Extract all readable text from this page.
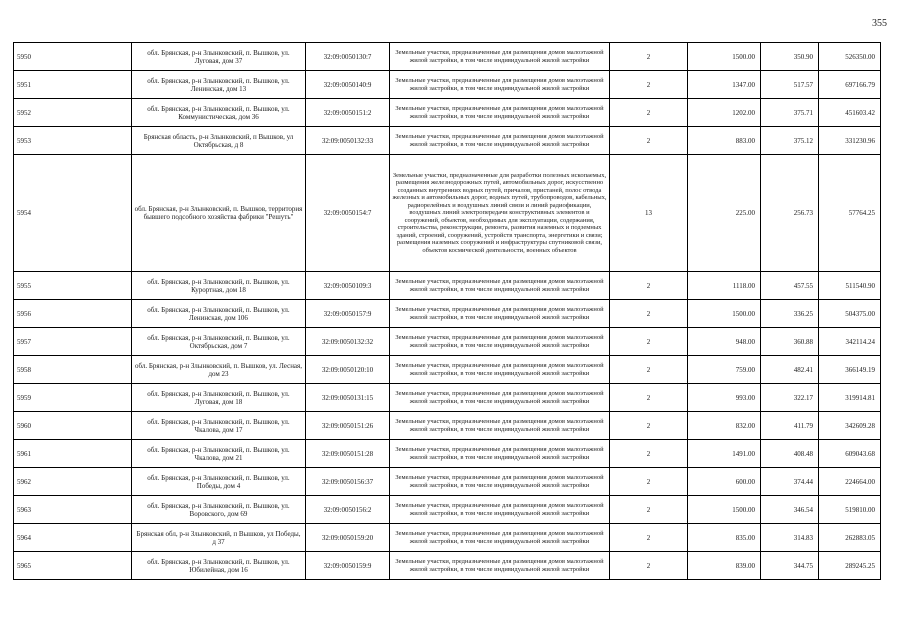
355
5950	обл. Брянская, р-н Злынковский, п. Вышков, ул. Луговая, дом 37	32:09:0050130:7	Земельные участки, предназначенные для размещения домов малоэтажной жилой застройки, в том числе индивидуальной жилой застройки	2	1500.00	350.90	526350.00
5951	обл. Брянская, р-н Злынковский, п. Вышков, ул. Ленинская, дом 13	32:09:0050140:9	Земельные участки, предназначенные для размещения домов малоэтажной жилой застройки, в том числе индивидуальной жилой застройки	2	1347.00	517.57	697166.79
5952	обл. Брянская, р-н Злынковский, п. Вышков, ул. Коммунистическая, дом 36	32:09:0050151:2	Земельные участки, предназначенные для размещения домов малоэтажной жилой застройки, в том числе индивидуальной жилой застройки	2	1202.00	375.71	451603.42
5953	Брянская область, р-н Злынковский, п Вышков, ул Октябрьская, д 8	32:09:0050132:33	Земельные участки, предназначенные для размещения домов малоэтажной жилой застройки, в том числе индивидуальной жилой застройки	2	883.00	375.12	331230.96
5954	обл. Брянская, р-н Злынковский, п. Вышков, территория бывшего подсобного хозяйства фабрики "Решуть"	32:09:0050154:7	Земельные участки, предназначенные для разработки полезных ископаемых, размещения железнодорожных путей, автомобильных дорог, искусственно созданных внутренних водных путей, причалов, пристаней, полос отвода железных и автомобильных дорог, водных путей, трубопроводов, кабельных, радиорелейных и воздушных линий связи и линий радиофикации, воздушных линий электропередачи конструктивных элементов и сооружений, объектов, необходимых для эксплуатации, содержания, строительства, реконструкции, ремонта, развития наземных и подземных зданий, строений, сооружений, устройств транспорта, энергетики и связи; размещения наземных сооружений и инфраструктуры спутниковой связи, объектов космической деятельности, военных объектов	13	225.00	256.73	57764.25
5955	обл. Брянская, р-н Злынковский, п. Вышков, ул. Курортная, дом 18	32:09:0050109:3	Земельные участки, предназначенные для размещения домов малоэтажной жилой застройки, в том числе индивидуальной жилой застройки	2	1118.00	457.55	511540.90
5956	обл. Брянская, р-н Злынковский, п. Вышков, ул. Ленинская, дом 106	32:09:0050157:9	Земельные участки, предназначенные для размещения домов малоэтажной жилой застройки, в том числе индивидуальной жилой застройки	2	1500.00	336.25	504375.00
5957	обл. Брянская, р-н Злынковский, п. Вышков, ул. Октябрьская, дом 7	32:09:0050132:32	Земельные участки, предназначенные для размещения домов малоэтажной жилой застройки, в том числе индивидуальной жилой застройки	2	948.00	360.88	342114.24
5958	обл. Брянская, р-н Злынковский, п. Вышков, ул. Лесная, дом 23	32:09:0050120:10	Земельные участки, предназначенные для размещения домов малоэтажной жилой застройки, в том числе индивидуальной жилой застройки	2	759.00	482.41	366149.19
5959	обл. Брянская, р-н Злынковский, п. Вышков, ул. Луговая, дом 18	32:09:0050131:15	Земельные участки, предназначенные для размещения домов малоэтажной жилой застройки, в том числе индивидуальной жилой застройки	2	993.00	322.17	319914.81
5960	обл. Брянская, р-н Злынковский, п. Вышков, ул. Чкалова, дом 17	32:09:0050151:26	Земельные участки, предназначенные для размещения домов малоэтажной жилой застройки, в том числе индивидуальной жилой застройки	2	832.00	411.79	342609.28
5961	обл. Брянская, р-н Злынковский, п. Вышков, ул. Чкалова, дом 21	32:09:0050151:28	Земельные участки, предназначенные для размещения домов малоэтажной жилой застройки, в том числе индивидуальной жилой застройки	2	1491.00	408.48	609043.68
5962	обл. Брянская, р-н Злынковский, п. Вышков, ул. Победы, дом 4	32:09:0050156:37	Земельные участки, предназначенные для размещения домов малоэтажной жилой застройки, в том числе индивидуальной жилой застройки	2	600.00	374.44	224664.00
5963	обл. Брянская, р-н Злынковский, п. Вышков, ул. Воровского, дом 69	32:09:0050156:2	Земельные участки, предназначенные для размещения домов малоэтажной жилой застройки, в том числе индивидуальной жилой застройки	2	1500.00	346.54	519810.00
5964	Брянская обл, р-н Злынковский, п Вышков, ул Победы, д 37	32:09:0050159:20	Земельные участки, предназначенные для размещения домов малоэтажной жилой застройки, в том числе индивидуальной жилой застройки	2	835.00	314.83	262883.05
5965	обл. Брянская, р-н Злынковский, п. Вышков, ул. Юбилейная, дом 16	32:09:0050159:9	Земельные участки, предназначенные для размещения домов малоэтажной жилой застройки, в том числе индивидуальной жилой застройки	2	839.00	344.75	289245.25
